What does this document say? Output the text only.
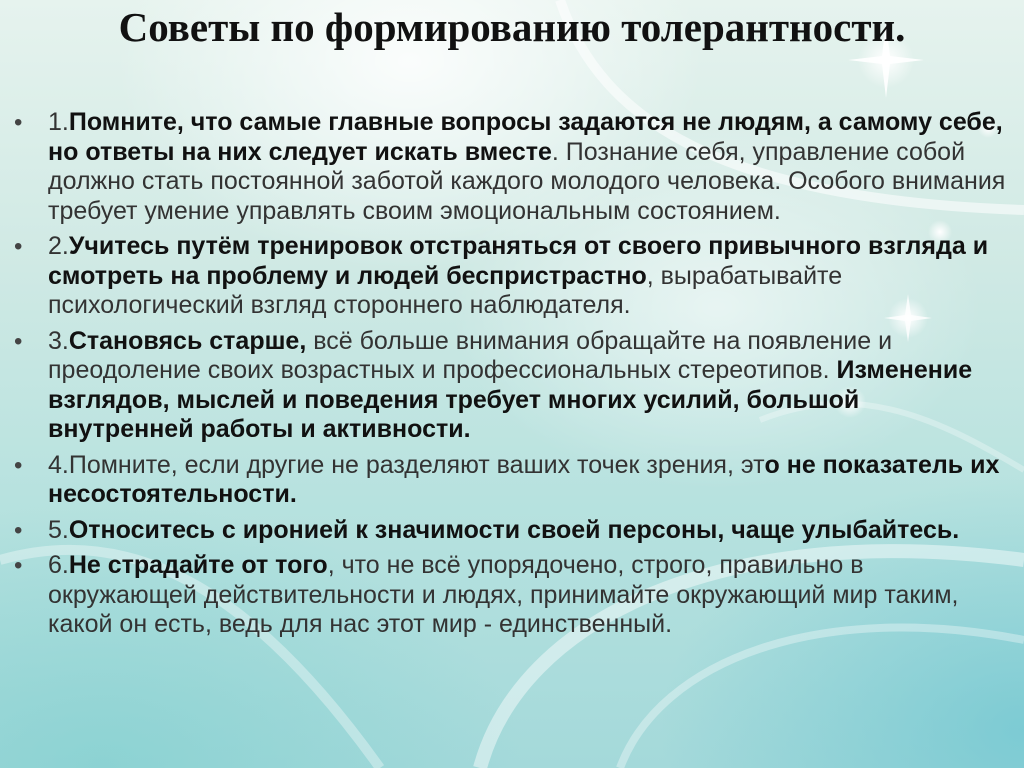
Советы по формированию толерантности.
• 1.Помните, что самые главные вопросы задаются не людям, а самому себе, но ответы на них следует искать вместе. Познание себя, управление собой должно стать постоянной заботой каждого молодого человека. Особого внимания требует умение управлять своим эмоциональным состоянием.
• 2.Учитесь путём тренировок отстраняться от своего привычного взгляда и смотреть на проблему и людей беспристрастно, вырабатывайте психологический взгляд стороннего наблюдателя.
• 3.Становясь старше, всё больше внимания обращайте на появление и преодоление своих возрастных и профессиональных стереотипов. Изменение взглядов, мыслей и поведения требует многих усилий, большой внутренней работы и активности.
• 4.Помните, если другие не разделяют ваших точек зрения, это не показатель их несостоятельности.
• 5.Относитесь с иронией к значимости своей персоны, чаще улыбайтесь.
• 6.Не страдайте от того, что не всё упорядочено, строго, правильно в окружающей действительности и людях, принимайте окружающий мир таким, какой он есть, ведь для нас этот мир - единственный.
